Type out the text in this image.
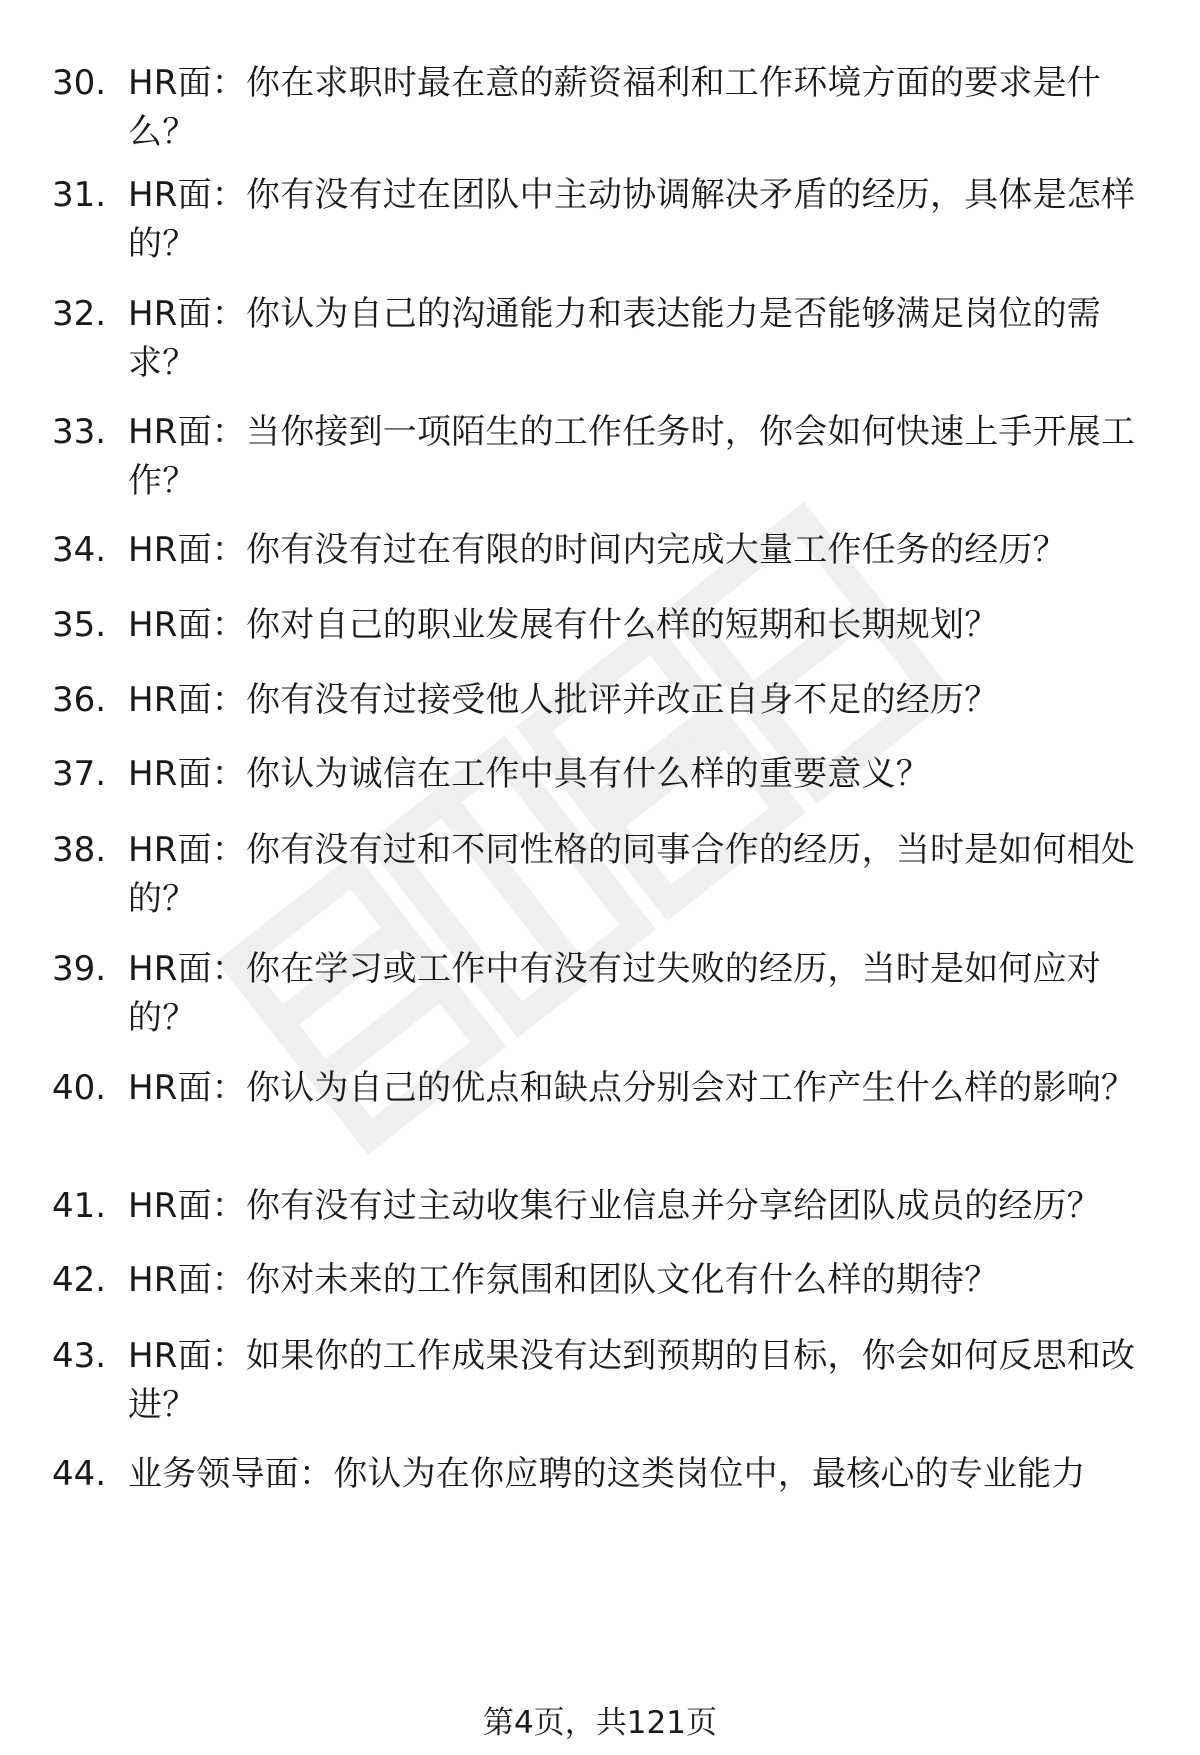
30. HR面：你在求职时最在意的薪资福利和工作环境方面的要求是什么？
31. HR面：你有没有过在团队中主动协调解决矛盾的经历，具体是怎样的？
32. HR面：你认为自己的沟通能力和表达能力是否能够满足岗位的需求？
33. HR面：当你接到一项陌生的工作任务时，你会如何快速上手开展工作？
34. HR面：你有没有过在有限的时间内完成大量工作任务的经历？
35. HR面：你对自己的职业发展有什么样的短期和长期规划？
36. HR面：你有没有过接受他人批评并改正自身不足的经历？
37. HR面：你认为诚信在工作中具有什么样的重要意义？
38. HR面：你有没有过和不同性格的同事合作的经历，当时是如何相处的？
39. HR面：你在学习或工作中有没有过失败的经历，当时是如何应对的？
40. HR面：你认为自己的优点和缺点分别会对工作产生什么样的影响？
41. HR面：你有没有过主动收集行业信息并分享给团队成员的经历？
42. HR面：你对未来的工作氛围和团队文化有什么样的期待？
43. HR面：如果你的工作成果没有达到预期的目标，你会如何反思和改进？
44. 业务领导面：你认为在你应聘的这类岗位中，最核心的专业能力
第4页，共121页
